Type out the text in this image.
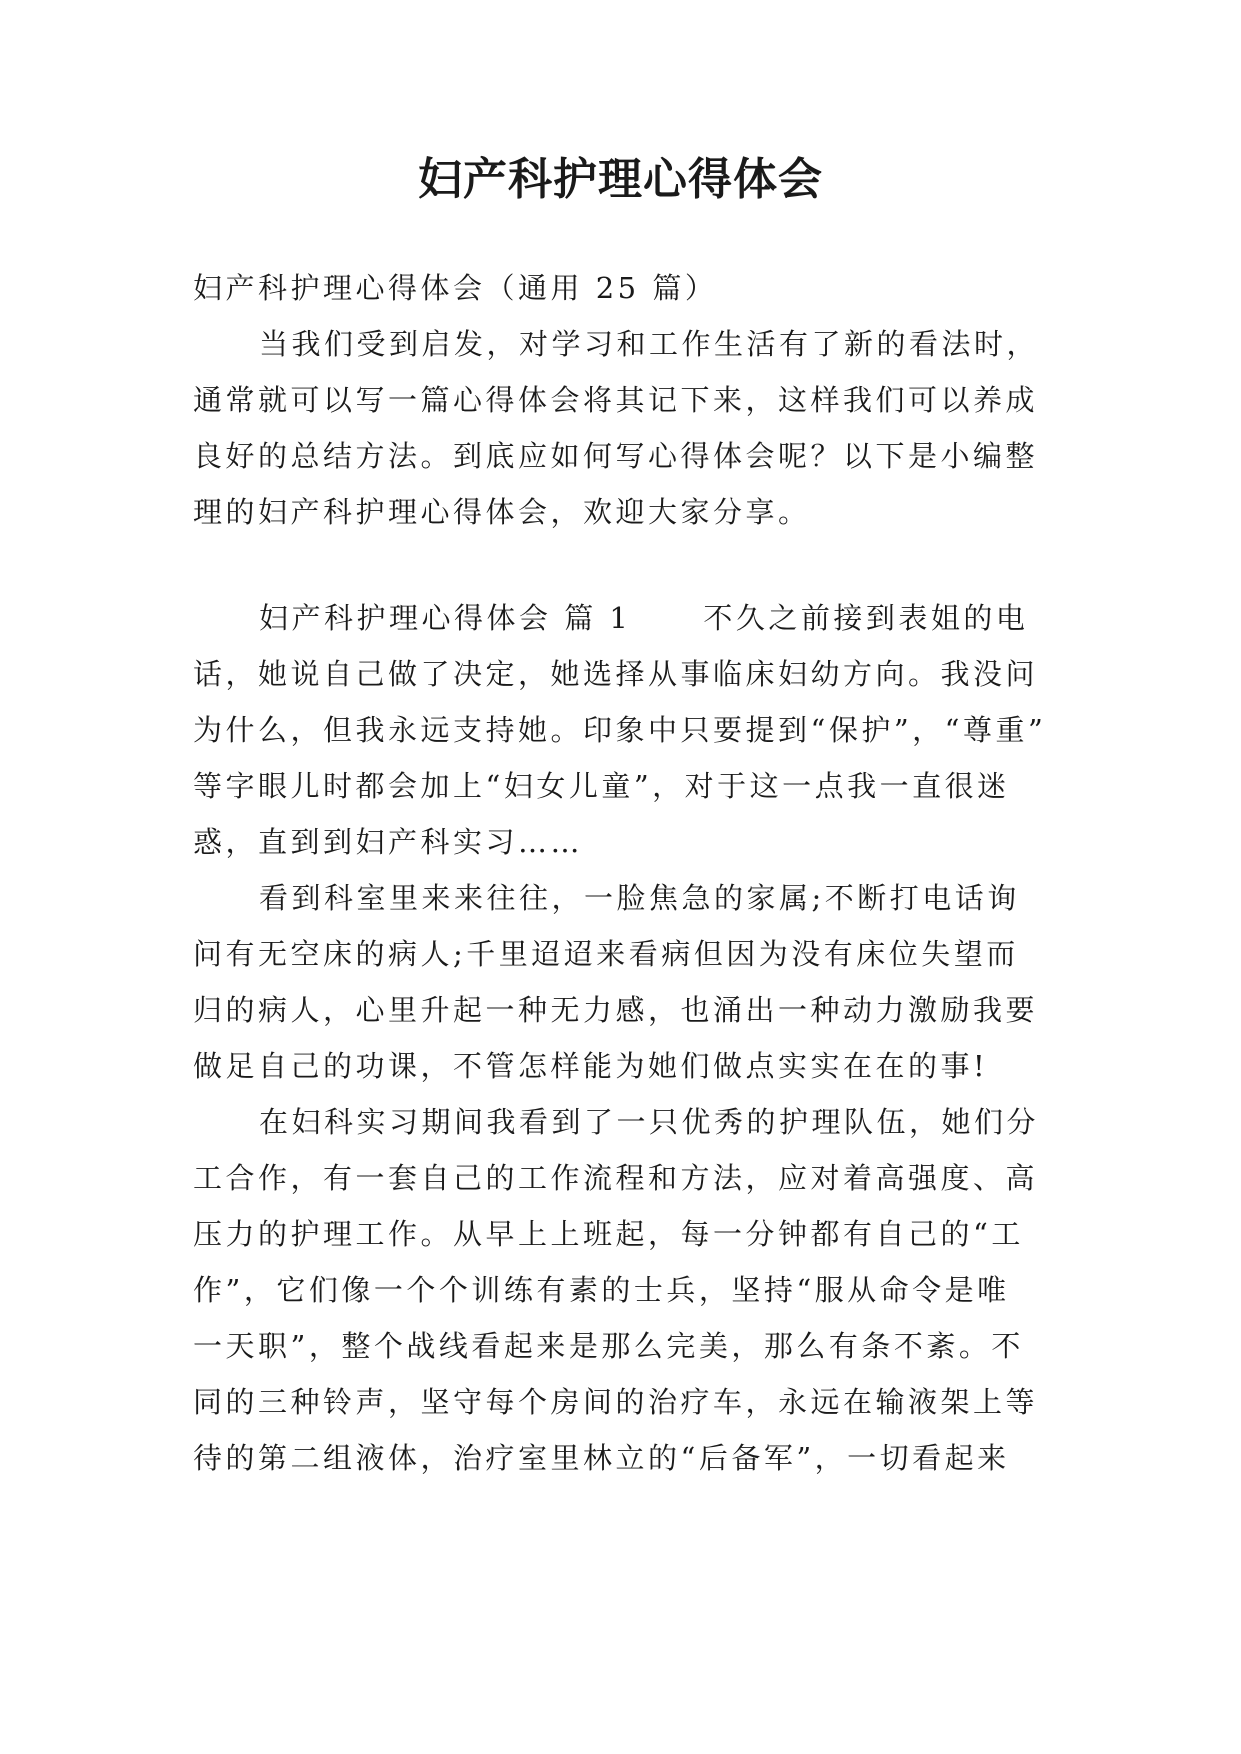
妇产科护理心得体会
妇产科护理心得体会（通用 25 篇）
当我们受到启发，对学习和工作生活有了新的看法时，
通常就可以写一篇心得体会将其记下来，这样我们可以养成
良好的总结方法。到底应如何写心得体会呢？以下是小编整
理的妇产科护理心得体会，欢迎大家分享。
妇产科护理心得体会 篇 1 不久之前接到表姐的电
话，她说自己做了决定，她选择从事临床妇幼方向。我没问
为什么，但我永远支持她。印象中只要提到“保护”，“尊重”
等字眼儿时都会加上“妇女儿童”，对于这一点我一直很迷
惑，直到到妇产科实习……
看到科室里来来往往，一脸焦急的家属;不断打电话询
问有无空床的病人;千里迢迢来看病但因为没有床位失望而
归的病人，心里升起一种无力感，也涌出一种动力激励我要
做足自己的功课，不管怎样能为她们做点实实在在的事!
在妇科实习期间我看到了一只优秀的护理队伍，她们分
工合作，有一套自己的工作流程和方法，应对着高强度、高
压力的护理工作。从早上上班起，每一分钟都有自己的“工
作”，它们像一个个训练有素的士兵，坚持“服从命令是唯
一天职”，整个战线看起来是那么完美，那么有条不紊。不
同的三种铃声，坚守每个房间的治疗车，永远在输液架上等
待的第二组液体，治疗室里林立的“后备军”，一切看起来
